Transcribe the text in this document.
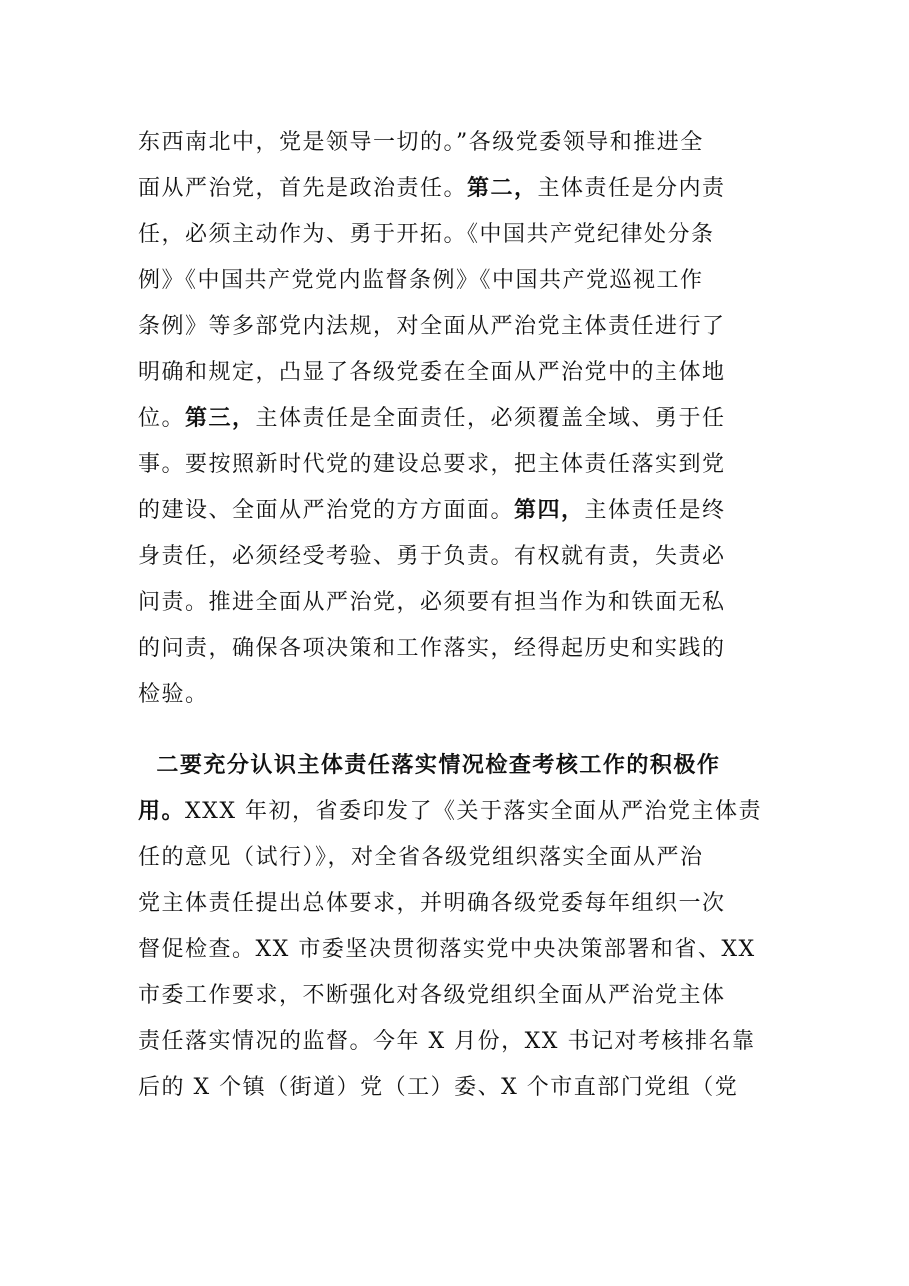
东西南北中，党是领导一切的。”各级党委领导和推进全
面从严治党，首先是政治责任。第二，主体责任是分内责
任，必须主动作为、勇于开拓。《中国共产党纪律处分条
例》《中国共产党党内监督条例》《中国共产党巡视工作
条例》等多部党内法规，对全面从严治党主体责任进行了
明确和规定，凸显了各级党委在全面从严治党中的主体地
位。第三，主体责任是全面责任，必须覆盖全域、勇于任
事。要按照新时代党的建设总要求，把主体责任落实到党
的建设、全面从严治党的方方面面。第四，主体责任是终
身责任，必须经受考验、勇于负责。有权就有责，失责必
问责。推进全面从严治党，必须要有担当作为和铁面无私
的问责，确保各项决策和工作落实，经得起历史和实践的
检验。
二要充分认识主体责任落实情况检查考核工作的积极作
用。XXX 年初，省委印发了《关于落实全面从严治党主体责
任的意见（试行）》，对全省各级党组织落实全面从严治
党主体责任提出总体要求，并明确各级党委每年组织一次
督促检查。XX 市委坚决贯彻落实党中央决策部署和省、XX
市委工作要求，不断强化对各级党组织全面从严治党主体
责任落实情况的监督。今年 X 月份，XX 书记对考核排名靠
后的 X 个镇（街道）党（工）委、X 个市直部门党组（党
